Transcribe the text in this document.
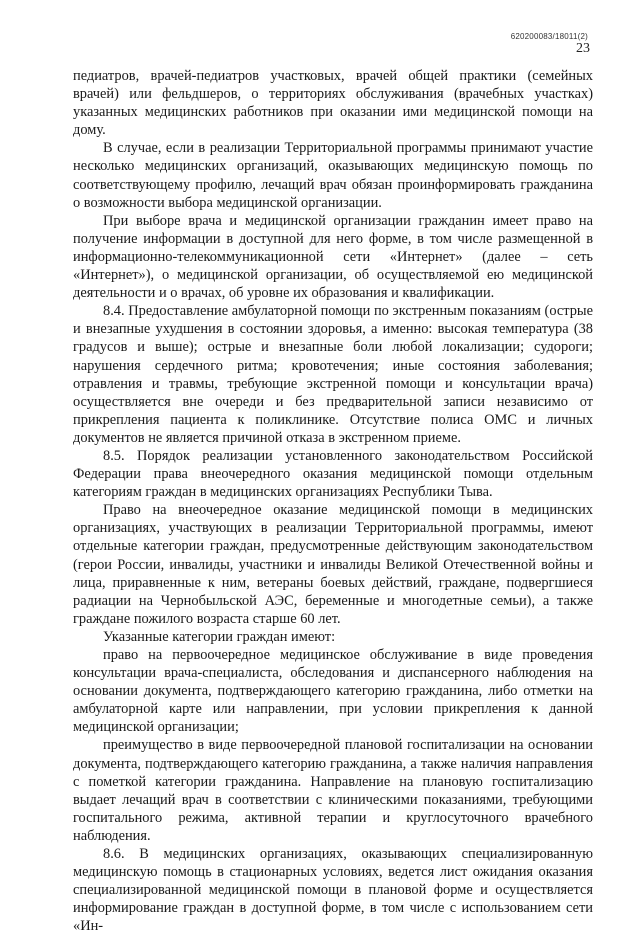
620200083/18011(2)
23

педиатров, врачей-педиатров участковых, врачей общей практики (семейных врачей) или фельдшеров, о территориях обслуживания (врачебных участках) указанных медицинских работников при оказании ими медицинской помощи на дому.

В случае, если в реализации Территориальной программы принимают участие несколько медицинских организаций, оказывающих медицинскую помощь по соответствующему профилю, лечащий врач обязан проинформировать гражданина о возможности выбора медицинской организации.

При выборе врача и медицинской организации гражданин имеет право на получение информации в доступной для него форме, в том числе размещенной в информационно-телекоммуникационной сети «Интернет» (далее – сеть «Интернет»), о медицинской организации, об осуществляемой ею медицинской деятельности и о врачах, об уровне их образования и квалификации.

8.4. Предоставление амбулаторной помощи по экстренным показаниям (острые и внезапные ухудшения в состоянии здоровья, а именно: высокая температура (38 градусов и выше); острые и внезапные боли любой локализации; судороги; нарушения сердечного ритма; кровотечения; иные состояния заболевания; отравления и травмы, требующие экстренной помощи и консультации врача) осуществляется вне очереди и без предварительной записи независимо от прикрепления пациента к поликлинике. Отсутствие полиса ОМС и личных документов не является причиной отказа в экстренном приеме.

8.5. Порядок реализации установленного законодательством Российской Федерации права внеочередного оказания медицинской помощи отдельным категориям граждан в медицинских организациях Республики Тыва.

Право на внеочередное оказание медицинской помощи в медицинских организациях, участвующих в реализации Территориальной программы, имеют отдельные категории граждан, предусмотренные действующим законодательством (герои России, инвалиды, участники и инвалиды Великой Отечественной войны и лица, приравненные к ним, ветераны боевых действий, граждане, подвергшиеся радиации на Чернобыльской АЭС, беременные и многодетные семьи), а также граждане пожилого возраста старше 60 лет.

Указанные категории граждан имеют:

право на первоочередное медицинское обслуживание в виде проведения консультации врача-специалиста, обследования и диспансерного наблюдения на основании документа, подтверждающего категорию гражданина, либо отметки на амбулаторной карте или направлении, при условии прикрепления к данной медицинской организации;

преимущество в виде первоочередной плановой госпитализации на основании документа, подтверждающего категорию гражданина, а также наличия направления с пометкой категории гражданина. Направление на плановую госпитализацию выдает лечащий врач в соответствии с клиническими показаниями, требующими госпитального режима, активной терапии и круглосуточного врачебного наблюдения.

8.6. В медицинских организациях, оказывающих специализированную медицинскую помощь в стационарных условиях, ведется лист ожидания оказания специализированной медицинской помощи в плановой форме и осуществляется информирование граждан в доступной форме, в том числе с использованием сети «Ин-
